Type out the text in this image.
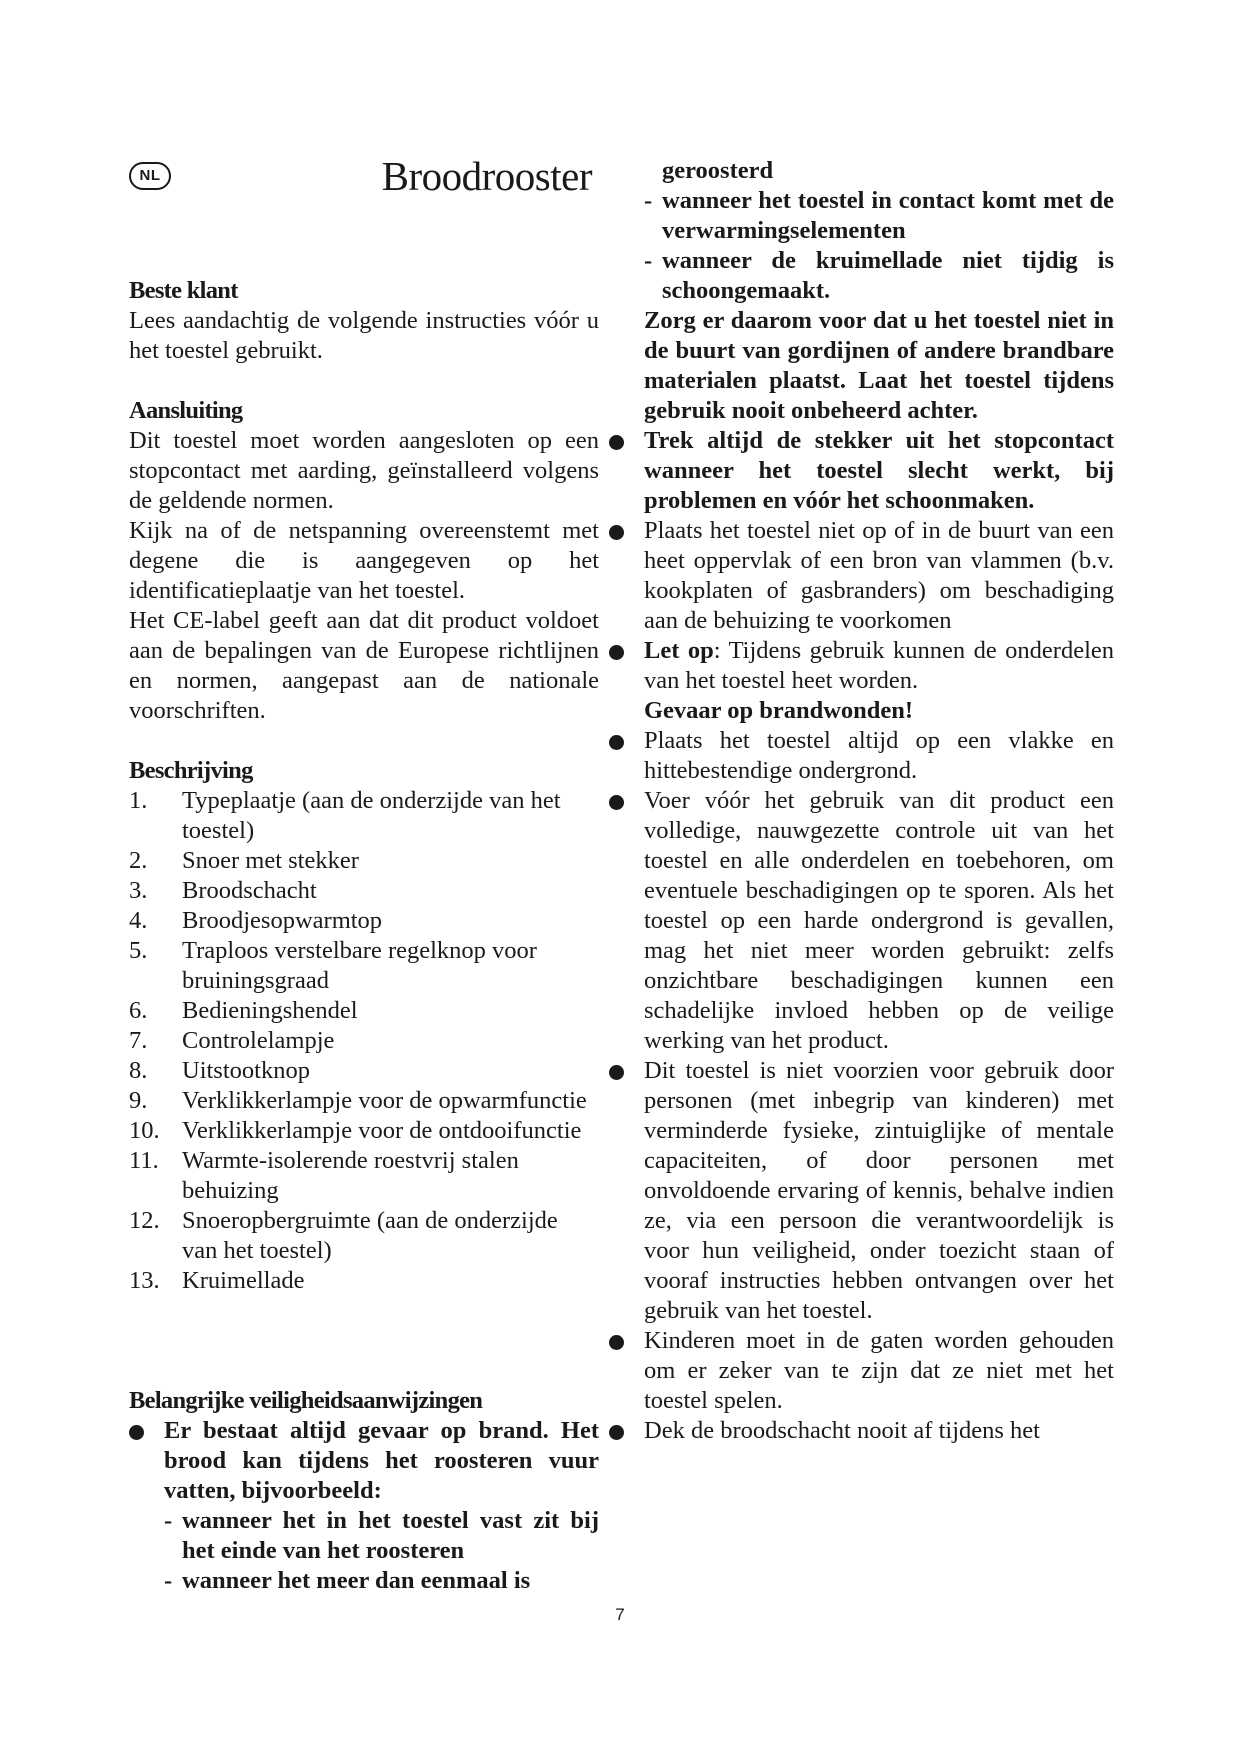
NL	Broodrooster
Beste klant
Lees aandachtig de volgende instructies vóór u het toestel gebruikt.
Aansluiting
Dit toestel moet worden aangesloten op een stopcontact met aarding, geïnstalleerd volgens de geldende normen.
Kijk na of de netspanning overeenstemt met degene die is aangegeven op het identificatieplaatje van het toestel.
Het CE-label geeft aan dat dit product voldoet aan de bepalingen van de Europese richtlijnen en normen, aangepast aan de nationale voorschriften.
Beschrijving
1. Typeplaatje (aan de onderzijde van het toestel)
2. Snoer met stekker
3. Broodschacht
4. Broodjesopwarmtop
5. Traploos verstelbare regelknop voor bruiningsgraad
6. Bedieningshendel
7. Controlelampje
8. Uitstootknop
9. Verklikkerlampje voor de opwarmfunctie
10. Verklikkerlampje voor de ontdooifunctie
11. Warmte-isolerende roestvrij stalen behuizing
12. Snoeropbergruimte (aan de onderzijde van het toestel)
13. Kruimellade
Belangrijke veiligheidsaanwijzingen
Er bestaat altijd gevaar op brand. Het brood kan tijdens het roosteren vuur vatten, bijvoorbeeld:
- wanneer het in het toestel vast zit bij het einde van het roosteren
- wanneer het meer dan eenmaal is
geroosterd
- wanneer het toestel in contact komt met de verwarmingselementen
- wanneer de kruimellade niet tijdig is schoongemaakt.
Zorg er daarom voor dat u het toestel niet in de buurt van gordijnen of andere brandbare materialen plaatst. Laat het toestel tijdens gebruik nooit onbeheerd achter.
Trek altijd de stekker uit het stopcontact wanneer het toestel slecht werkt, bij problemen en vóór het schoonmaken.
Plaats het toestel niet op of in de buurt van een heet oppervlak of een bron van vlammen (b.v. kookplaten of gasbranders) om beschadiging aan de behuizing te voorkomen
Let op: Tijdens gebruik kunnen de onderdelen van het toestel heet worden.
Gevaar op brandwonden!
Plaats het toestel altijd op een vlakke en hittebestendige ondergrond.
Voer vóór het gebruik van dit product een volledige, nauwgezette controle uit van het toestel en alle onderdelen en toebehoren, om eventuele beschadigingen op te sporen. Als het toestel op een harde ondergrond is gevallen, mag het niet meer worden gebruikt: zelfs onzichtbare beschadigingen kunnen een schadelijke invloed hebben op de veilige werking van het product.
Dit toestel is niet voorzien voor gebruik door personen (met inbegrip van kinderen) met verminderde fysieke, zintuiglijke of mentale capaciteiten, of door personen met onvoldoende ervaring of kennis, behalve indien ze, via een persoon die verantwoordelijk is voor hun veiligheid, onder toezicht staan of vooraf instructies hebben ontvangen over het gebruik van het toestel.
Kinderen moet in de gaten worden gehouden om er zeker van te zijn dat ze niet met het toestel spelen.
Dek de broodschacht nooit af tijdens het
7
